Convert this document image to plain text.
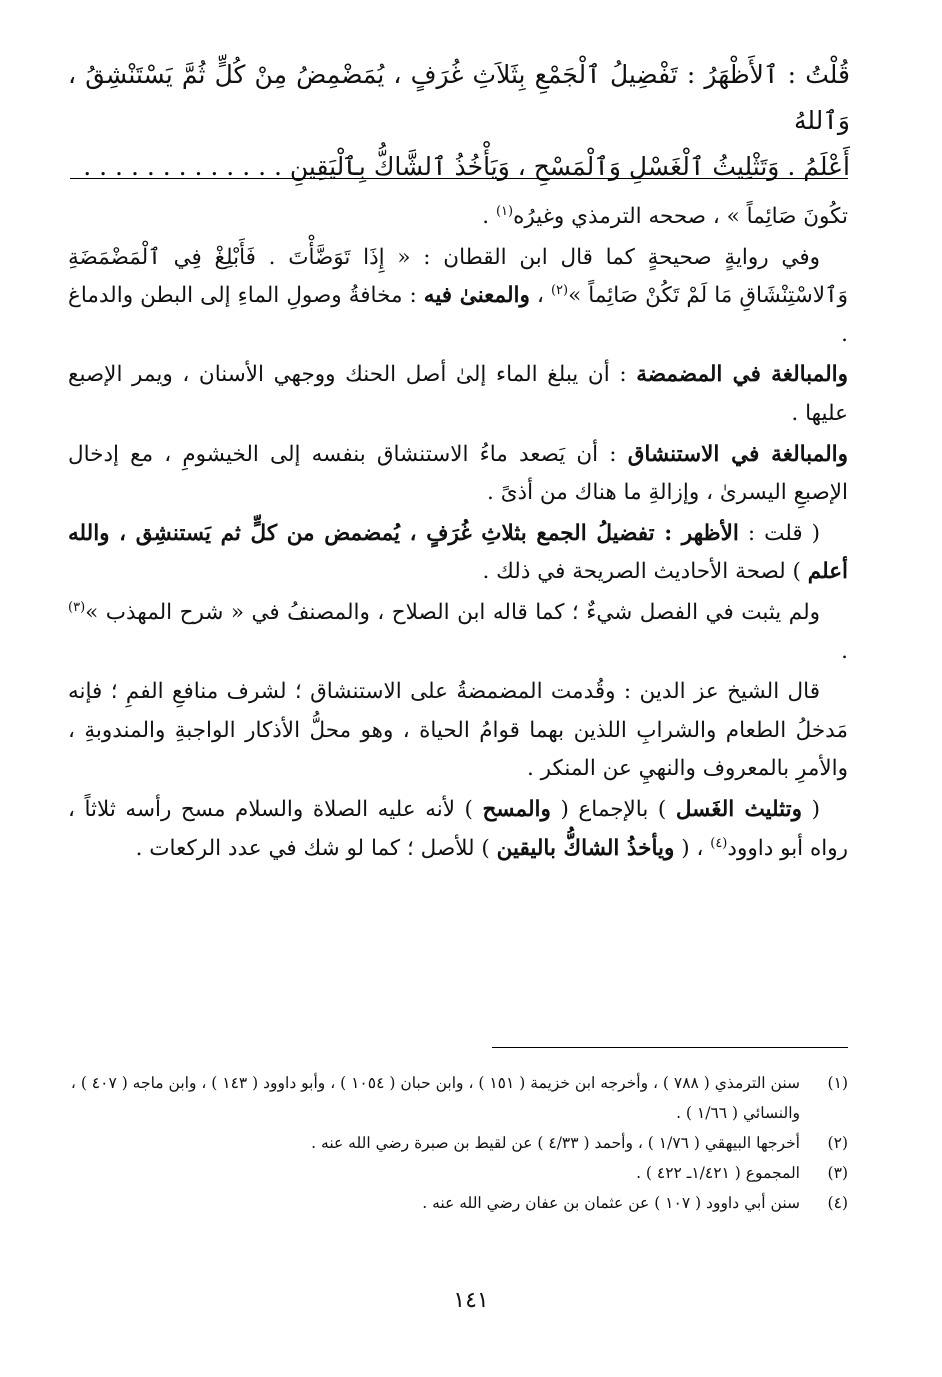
قُلْتُ : ٱلأَظْهَرُ : تَفْضِيلُ ٱلْجَمْعِ بِثَلاَثِ غُرَفٍ ، يُمَضْمِضُ مِنْ كُلٍّ ثُمَّ يَسْتَنْشِقُ ، وَٱللهُ
أَعْلَمُ . وَتَثْلِيثُ ٱلْغَسْلِ وَٱلْمَسْحِ ، وَيَأْخُذُ ٱلشَّاكُّ بِٱلْيَقِينِ . . . . . . . . . . . . .

تكُونَ صَائِماً » ، صححه الترمذي وغيرُه$^{(١)}$ .

وفي روايةٍ صحيحةٍ كما قال ابن القطان : « إِذَا تَوَضَّأْتَ . فَأَبْلِغْ فِي ٱلْمَضْمَضَةِ وَٱلاسْتِنْشَاقِ مَا لَمْ تَكُنْ صَائِماً »$^{(٢)}$ ، والمعنىٰ فيه : مخافةُ وصولِ الماءِ إلى البطن والدماغ .

والمبالغة في المضمضة : أن يبلغ الماء إلىٰ أصل الحنك ووجهي الأسنان ، ويمر الإصبع عليها .

والمبالغة في الاستنشاق : أن يَصعد ماءُ الاستنشاق بنفسه إلى الخيشومِ ، مع إدخال الإصبعِ اليسرىٰ ، وإزالةِ ما هناك من أذىً .

( قلت : الأظهر : تفضيلُ الجمع بثلاثِ غُرَفٍ ، يُمضمض من كلٍّ ثم يَستنشِق ، والله أعلم ) لصحة الأحاديث الصريحة في ذلك .

ولم يثبت في الفصل شيءٌ ؛ كما قاله ابن الصلاح ، والمصنفُ في « شرح المهذب »$^{(٣)}$ .

قال الشيخ عز الدين : وقُدمت المضمضةُ على الاستنشاق ؛ لشرف منافعِ الفمِ ؛ فإنه مَدخلُ الطعام والشرابِ اللذين بهما قوامُ الحياة ، وهو محلُّ الأذكار الواجبةِ والمندوبةِ ، والأمرِ بالمعروف والنهيِ عن المنكر .

( وتثليث الغَسل ) بالإجماع ( والمسح ) لأنه عليه الصلاة والسلام مسح رأسه ثلاثاً ، رواه أبو داوود$^{(٤)}$ ، ( ويأخذُ الشاكُّ باليقين ) للأصل ؛ كما لو شك في عدد الركعات .

(١)
سنن الترمذي ( ٧٨٨ ) ، وأخرجه ابن خزيمة ( ١٥١ ) ، وابن حبان ( ١٠٥٤ ) ، وأبو داوود ( ١٤٣ ) ، وابن ماجه ( ٤٠٧ ) ، والنسائي ( ١/٦٦ ) .
(٢)
أخرجها البيهقي ( ١/٧٦ ) ، وأحمد ( ٤/٣٣ ) عن لقيط بن صبرة رضي الله عنه .
(٣)
المجموع ( ١/٤٢١ـ ٤٢٢ ) .
(٤)
سنن أبي داوود ( ١٠٧ ) عن عثمان بن عفان رضي الله عنه .
١٤١
